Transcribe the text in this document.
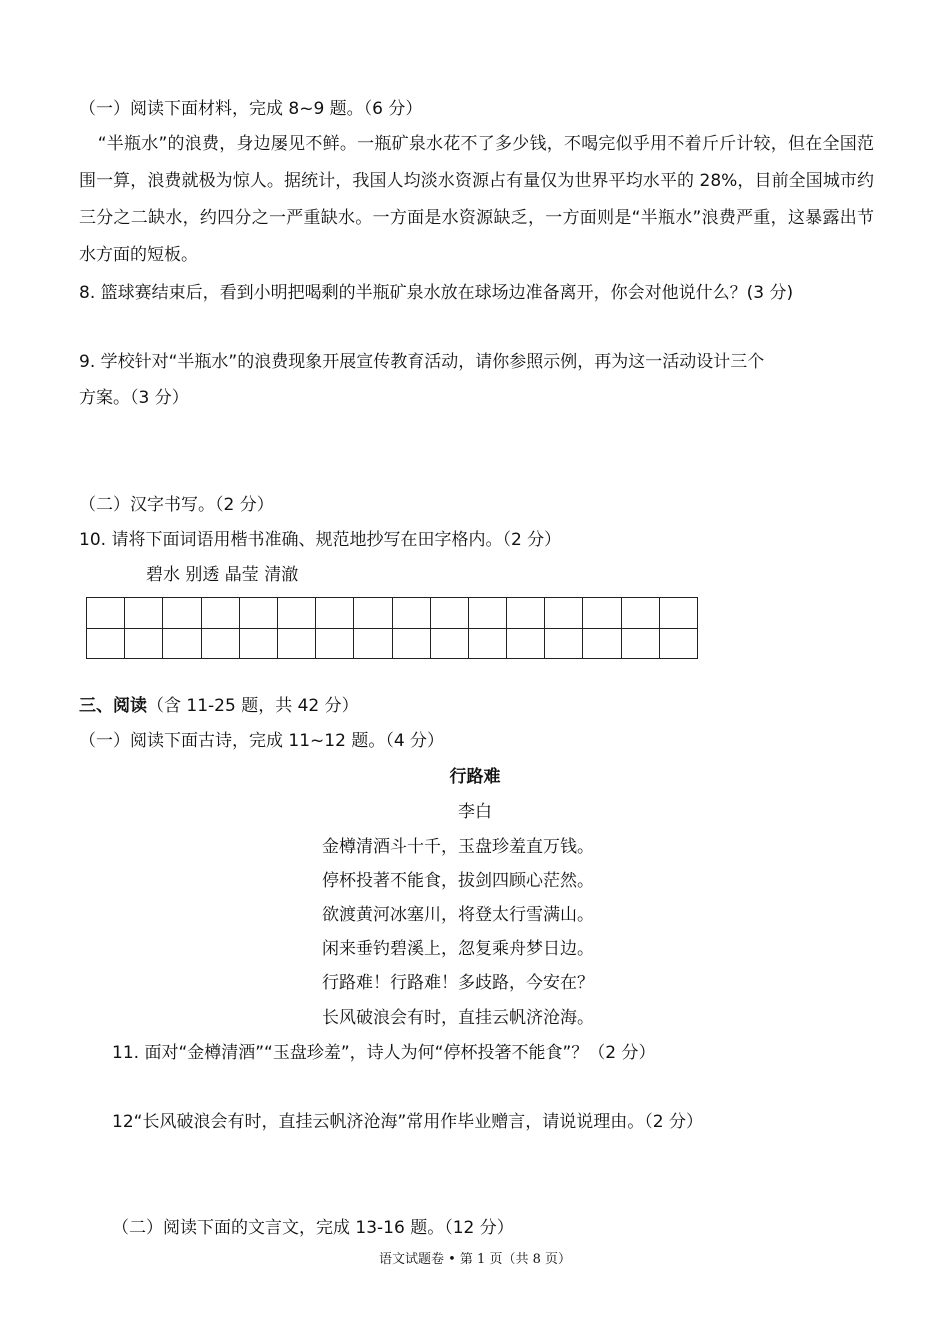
（一）阅读下面材料，完成 8~9 题。（6 分）
“半瓶水”的浪费，身边屡见不鲜。一瓶矿泉水花不了多少钱，不喝完似乎用不着斤斤计较，但在全国范围一算，浪费就极为惊人。据统计，我国人均淡水资源占有量仅为世界平均水平的 28%，目前全国城市约三分之二缺水，约四分之一严重缺水。一方面是水资源缺乏，一方面则是“半瓶水”浪费严重，这暴露出节水方面的短板。
8. 篮球赛结束后，看到小明把喝剩的半瓶矿泉水放在球场边准备离开，你会对他说什么？(3 分)
9. 学校针对“半瓶水”的浪费现象开展宣传教育活动，请你参照示例，再为这一活动设计三个
方案。（3 分）
（二）汉字书写。（2 分）
10. 请将下面词语用楷书准确、规范地抄写在田字格内。（2 分）
碧水 别透 晶莹 清澈

三、阅读（含 11-25 题，共 42 分）
（一）阅读下面古诗，完成 11~12 题。（4 分）
行路难
李白
金樽清酒斗十千，玉盘珍羞直万钱。
停杯投著不能食，拔剑四顾心茫然。
欲渡黄河冰塞川，将登太行雪满山。
闲来垂钓碧溪上，忽复乘舟梦日边。
行路难！行路难！多歧路，今安在？
长风破浪会有时，直挂云帆济沧海。
11. 面对“金樽清酒”“玉盘珍羞”，诗人为何“停杯投箸不能食”？（2 分）
12“长风破浪会有时，直挂云帆济沧海”常用作毕业赠言，请说说理由。（2 分）
（二）阅读下面的文言文，完成 13-16 题。（12 分）
语文试题卷 • 第 1 页（共 8 页）
